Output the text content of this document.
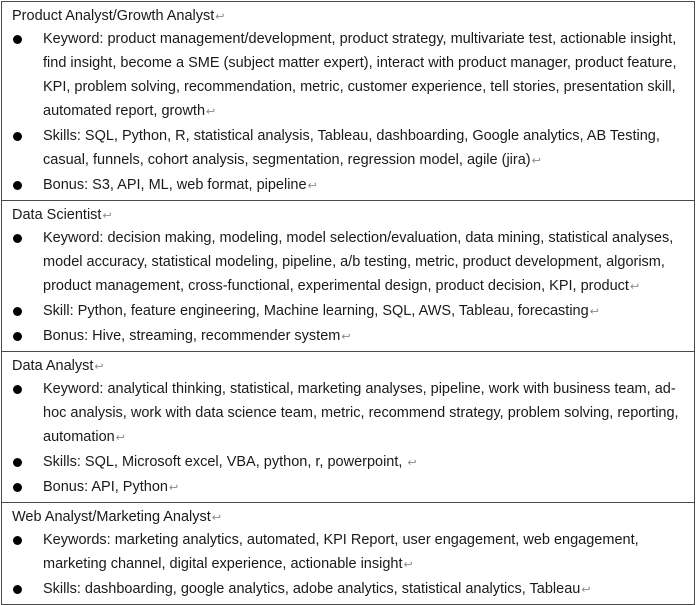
Product Analyst/Growth Analyst↩
Keyword: product management/development, product strategy, multivariate test, actionable insight, find insight, become a SME (subject matter expert), interact with product manager, product feature, KPI, problem solving, recommendation, metric, customer experience, tell stories, presentation skill, automated report, growth↩
Skills: SQL, Python, R, statistical analysis, Tableau, dashboarding, Google analytics, AB Testing, casual, funnels, cohort analysis, segmentation, regression model, agile (jira)↩
Bonus: S3, API, ML, web format, pipeline↩
Data Scientist↩
Keyword: decision making, modeling, model selection/evaluation, data mining, statistical analyses, model accuracy, statistical modeling, pipeline, a/b testing, metric, product development, algorism, product management, cross-functional, experimental design, product decision, KPI, product↩
Skill: Python, feature engineering, Machine learning, SQL, AWS, Tableau, forecasting↩
Bonus: Hive, streaming, recommender system↩
Data Analyst↩
Keyword: analytical thinking, statistical, marketing analyses, pipeline, work with business team, ad-hoc analysis, work with data science team, metric, recommend strategy, problem solving, reporting, automation↩
Skills: SQL, Microsoft excel, VBA, python, r, powerpoint, ↩
Bonus: API, Python↩
Web Analyst/Marketing Analyst↩
Keywords: marketing analytics, automated, KPI Report, user engagement, web engagement, marketing channel, digital experience, actionable insight↩
Skills: dashboarding, google analytics, adobe analytics, statistical analytics, Tableau↩
